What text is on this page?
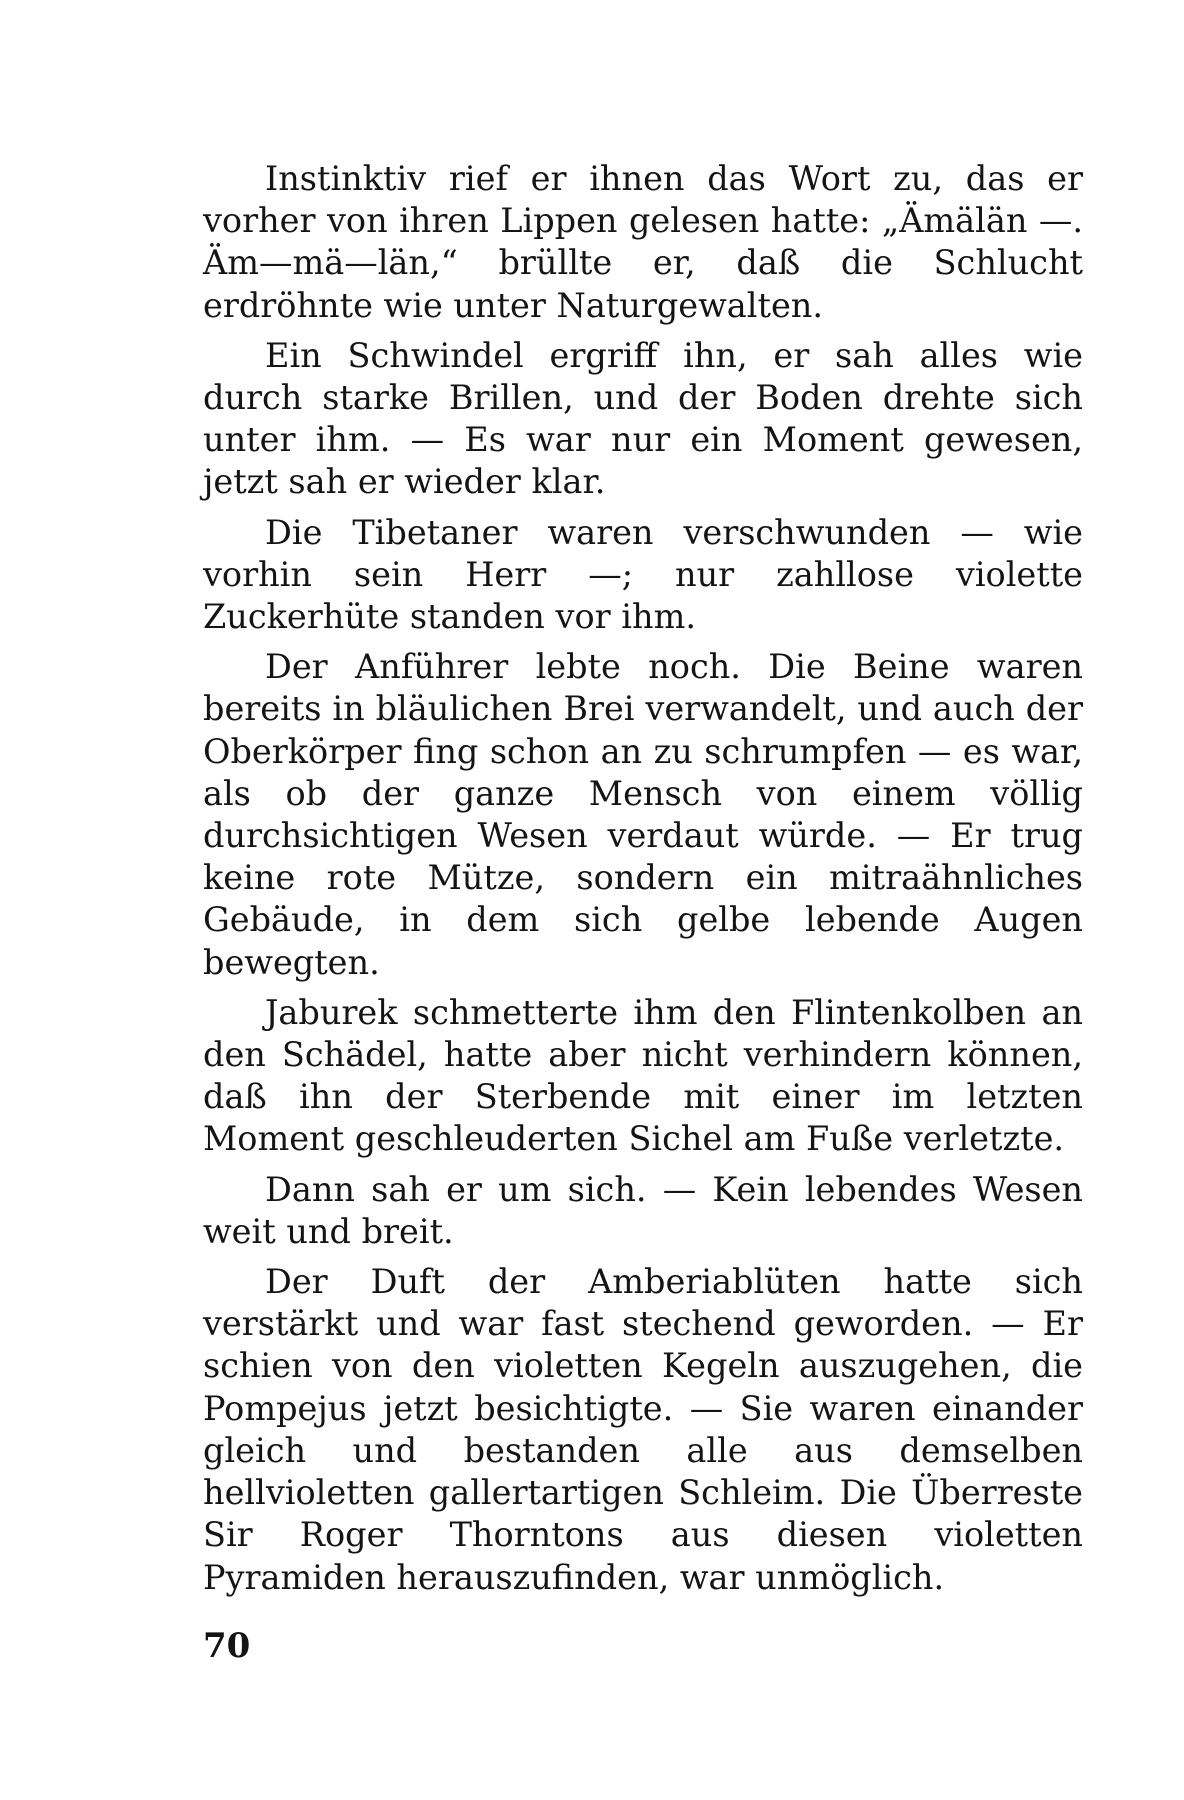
Instinktiv rief er ihnen das Wort zu, das er vorher von ihren Lippen gelesen hatte: „Ämälän —. Äm—mä—län,“ brüllte er, daß die Schlucht erdröhnte wie unter Naturgewalten.

Ein Schwindel ergriff ihn, er sah alles wie durch starke Brillen, und der Boden drehte sich unter ihm. — Es war nur ein Moment gewesen, jetzt sah er wieder klar.

Die Tibetaner waren verschwunden — wie vorhin sein Herr —; nur zahllose violette Zuckerhüte standen vor ihm.

Der Anführer lebte noch. Die Beine waren bereits in bläulichen Brei verwandelt, und auch der Oberkörper fing schon an zu schrumpfen — es war, als ob der ganze Mensch von einem völlig durchsichtigen Wesen verdaut würde. — Er trug keine rote Mütze, sondern ein mitraähnliches Gebäude, in dem sich gelbe lebende Augen bewegten.

Jaburek schmetterte ihm den Flintenkolben an den Schädel, hatte aber nicht verhindern können, daß ihn der Sterbende mit einer im letzten Moment geschleuderten Sichel am Fuße verletzte.

Dann sah er um sich. — Kein lebendes Wesen weit und breit.

Der Duft der Amberiablüten hatte sich verstärkt und war fast stechend geworden. — Er schien von den violetten Kegeln auszugehen, die Pompejus jetzt besichtigte. — Sie waren einander gleich und bestanden alle aus demselben hellvioletten gallertartigen Schleim. Die Überreste Sir Roger Thorntons aus diesen violetten Pyramiden herauszufinden, war unmöglich.

70
